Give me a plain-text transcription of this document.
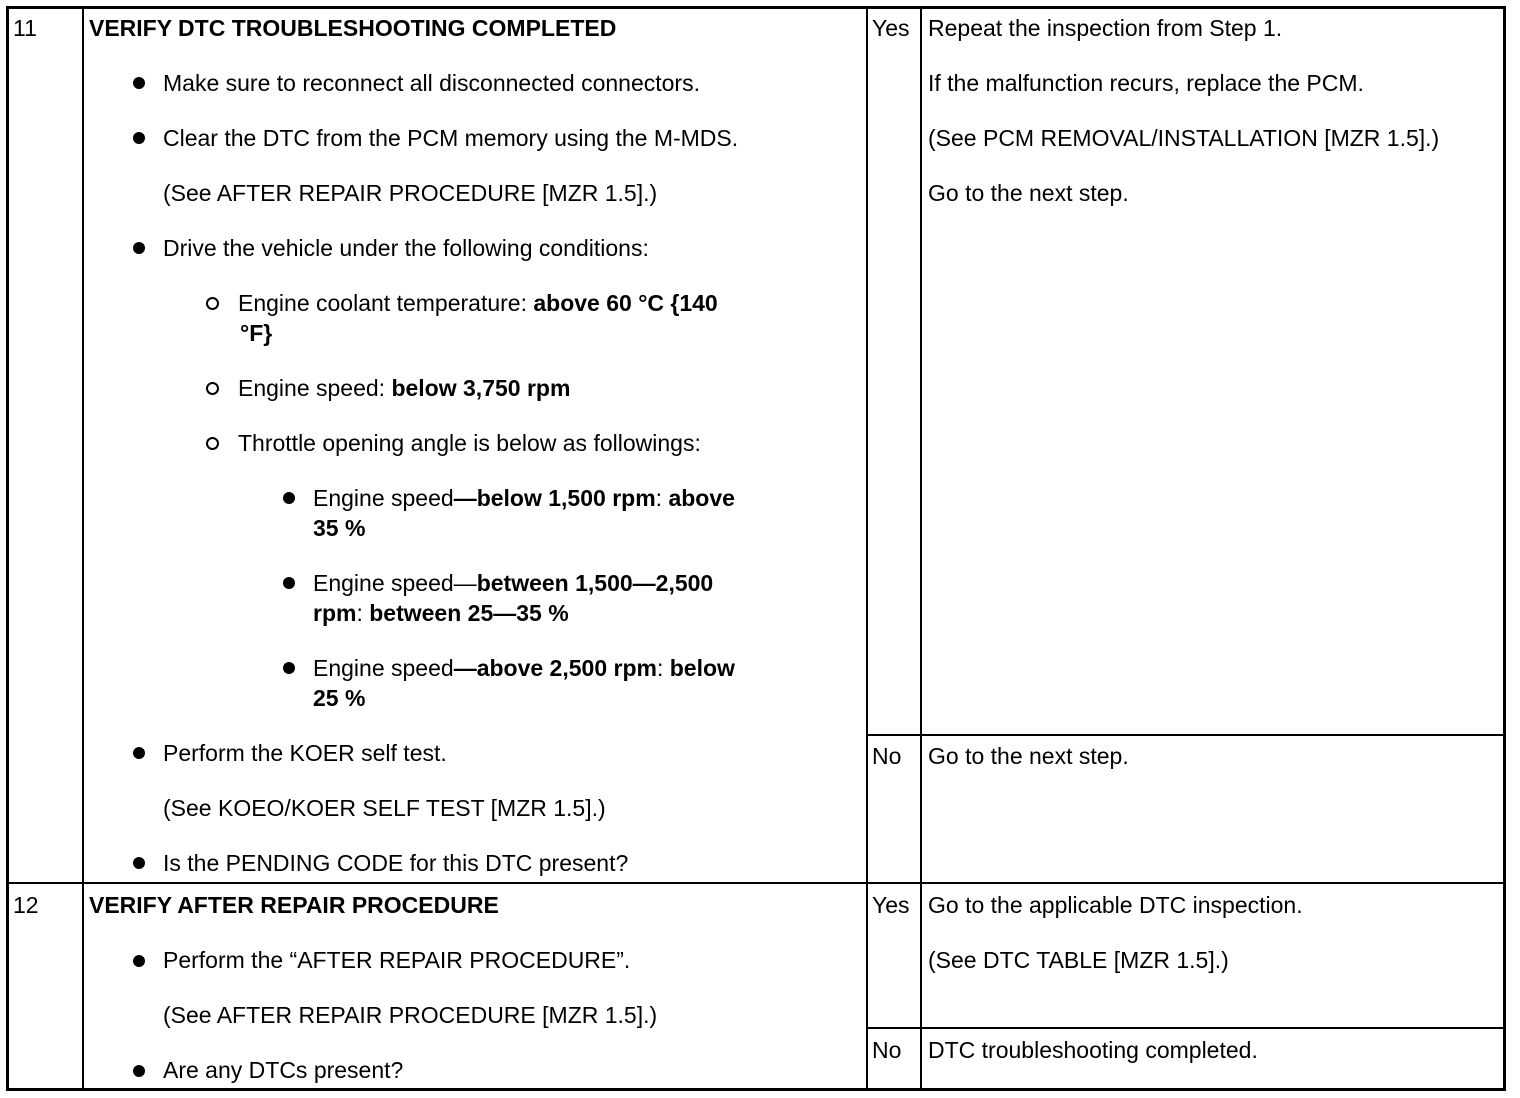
11 VERIFY DTC TROUBLESHOOTING COMPLETED
Make sure to reconnect all disconnected connectors.
Clear the DTC from the PCM memory using the M-MDS.
(See AFTER REPAIR PROCEDURE [MZR 1.5].)
Drive the vehicle under the following conditions:
Engine coolant temperature: above 60 °C {140
°F}
Engine speed: below 3,750 rpm
Throttle opening angle is below as followings:
Engine speed—below 1,500 rpm: above
35 %
Engine speed—between 1,500—2,500
rpm: between 25—35 %
Engine speed—above 2,500 rpm: below
25 %
Perform the KOER self test.
(See KOEO/KOER SELF TEST [MZR 1.5].)
Is the PENDING CODE for this DTC present?
Yes Repeat the inspection from Step 1.
If the malfunction recurs, replace the PCM.
(See PCM REMOVAL/INSTALLATION [MZR 1.5].)
Go to the next step.
No Go to the next step.
12 VERIFY AFTER REPAIR PROCEDURE
Perform the “AFTER REPAIR PROCEDURE”.
(See AFTER REPAIR PROCEDURE [MZR 1.5].)
Are any DTCs present?
Yes Go to the applicable DTC inspection.
(See DTC TABLE [MZR 1.5].)
No DTC troubleshooting completed.
